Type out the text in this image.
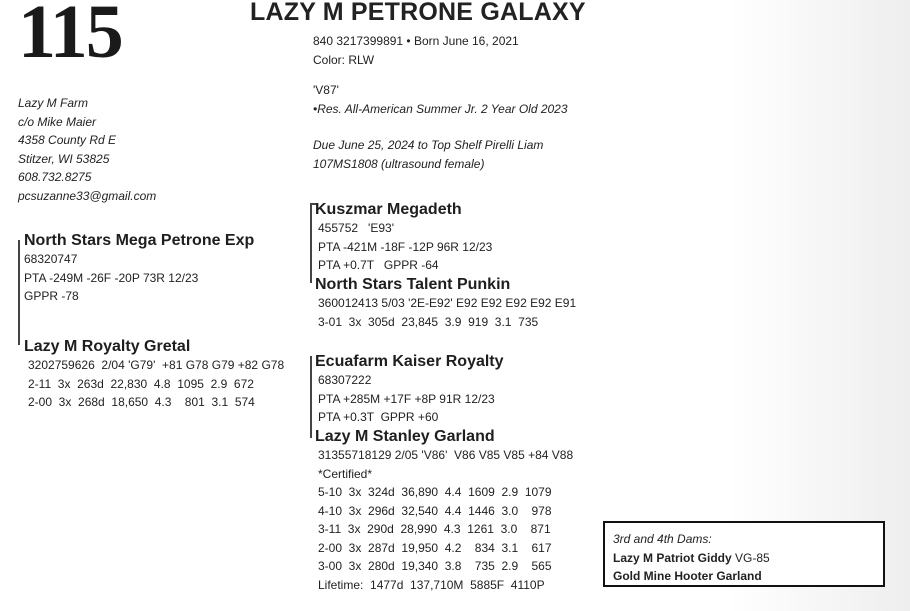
115	LAZY M PETRONE GALAXY
840 3217399891 • Born June 16, 2021
Color: RLW
'V87'
•Res. All-American Summer Jr. 2 Year Old 2023
Due June 25, 2024 to Top Shelf Pirelli Liam
107MS1808 (ultrasound female)
Lazy M Farm
c/o Mike Maier
4358 County Rd E
Stitzer, WI 53825
608.732.8275
pcsuzanne33@gmail.com
North Stars Mega Petrone Exp
68320747
PTA -249M -26F -20P 73R 12/23
GPPR -78
Lazy M Royalty Gretal
3202759626  2/04 'G79'  +81 G78 G79 +82 G78
2-11  3x  263d  22,830  4.8  1095  2.9  672
2-00  3x  268d  18,650  4.3    801  3.1  574
Kuszmar Megadeth
455752   'E93'
PTA -421M -18F -12P 96R 12/23
PTA +0.7T   GPPR -64
North Stars Talent Punkin
360012413 5/03 '2E-E92' E92 E92 E92 E92 E91
3-01  3x  305d  23,845  3.9  919  3.1  735
Ecuafarm Kaiser Royalty
68307222
PTA +285M +17F +8P 91R 12/23
PTA +0.3T  GPPR +60
Lazy M Stanley Garland
31355718129 2/05 'V86'  V86 V85 V85 +84 V88
*Certified*
5-10  3x  324d  36,890  4.4  1609  2.9  1079
4-10  3x  296d  32,540  4.4  1446  3.0    978
3-11  3x  290d  28,990  4.3  1261  3.0    871
2-00  3x  287d  19,950  4.2    834  3.1    617
3-00  3x  280d  19,340  3.8    735  2.9    565
Lifetime:  1477d  137,710M  5885F  4110P
3rd and 4th Dams:
Lazy M Patriot Giddy VG-85
Gold Mine Hooter Garland
